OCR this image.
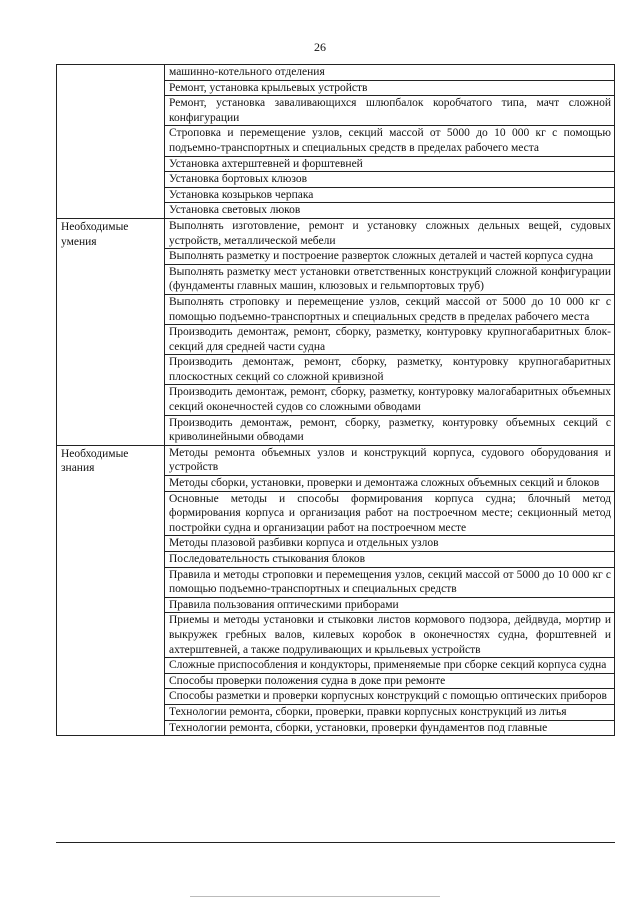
26
	машинно-котельного отделения
	Ремонт, установка крыльевых устройств
	Ремонт, установка заваливающихся шлюпбалок коробчатого типа, мачт сложной конфигурации
	Строповка и перемещение узлов, секций массой от 5000 до 10 000 кг с помощью подъемно-транспортных и специальных средств в пределах рабочего места
	Установка ахтерштевней и форштевней
	Установка бортовых клюзов
	Установка козырьков черпака
	Установка световых люков
Необходимые умения	Выполнять изготовление, ремонт и установку сложных дельных вещей, судовых устройств, металлической мебели
	Выполнять разметку и построение разверток сложных деталей и частей корпуса судна
	Выполнять разметку мест установки ответственных конструкций сложной конфигурации (фундаменты главных машин, клюзовых и гельмпортовых труб)
	Выполнять строповку и перемещение узлов, секций массой от 5000 до 10 000 кг с помощью подъемно-транспортных и специальных средств в пределах рабочего места
	Производить демонтаж, ремонт, сборку, разметку, контуровку крупногабаритных блок-секций для средней части судна
	Производить демонтаж, ремонт, сборку, разметку, контуровку крупногабаритных плоскостных секций со сложной кривизной
	Производить демонтаж, ремонт, сборку, разметку, контуровку малогабаритных объемных секций оконечностей судов со сложными обводами
	Производить демонтаж, ремонт, сборку, разметку, контуровку объемных секций с криволинейными обводами
Необходимые знания	Методы ремонта объемных узлов и конструкций корпуса, судового оборудования и устройств
	Методы сборки, установки, проверки и демонтажа сложных объемных секций и блоков
	Основные методы и способы формирования корпуса судна; блочный метод формирования корпуса и организация работ на построечном месте; секционный метод постройки судна и организации работ на построечном месте
	Методы плазовой разбивки корпуса и отдельных узлов
	Последовательность стыкования блоков
	Правила и методы строповки и перемещения узлов, секций массой от 5000 до 10 000 кг с помощью подъемно-транспортных и специальных средств
	Правила пользования оптическими приборами
	Приемы и методы установки и стыковки листов кормового подзора, дейдвуда, мортир и выкружек гребных валов, килевых коробок в оконечностях судна, форштевней и ахтерштевней, а также подруливающих и крыльевых устройств
	Сложные приспособления и кондукторы, применяемые при сборке секций корпуса судна
	Способы проверки положения судна в доке при ремонте
	Способы разметки и проверки корпусных конструкций с помощью оптических приборов
	Технологии ремонта, сборки, проверки, правки корпусных конструкций из литья
	Технологии ремонта, сборки, установки, проверки фундаментов под главные
